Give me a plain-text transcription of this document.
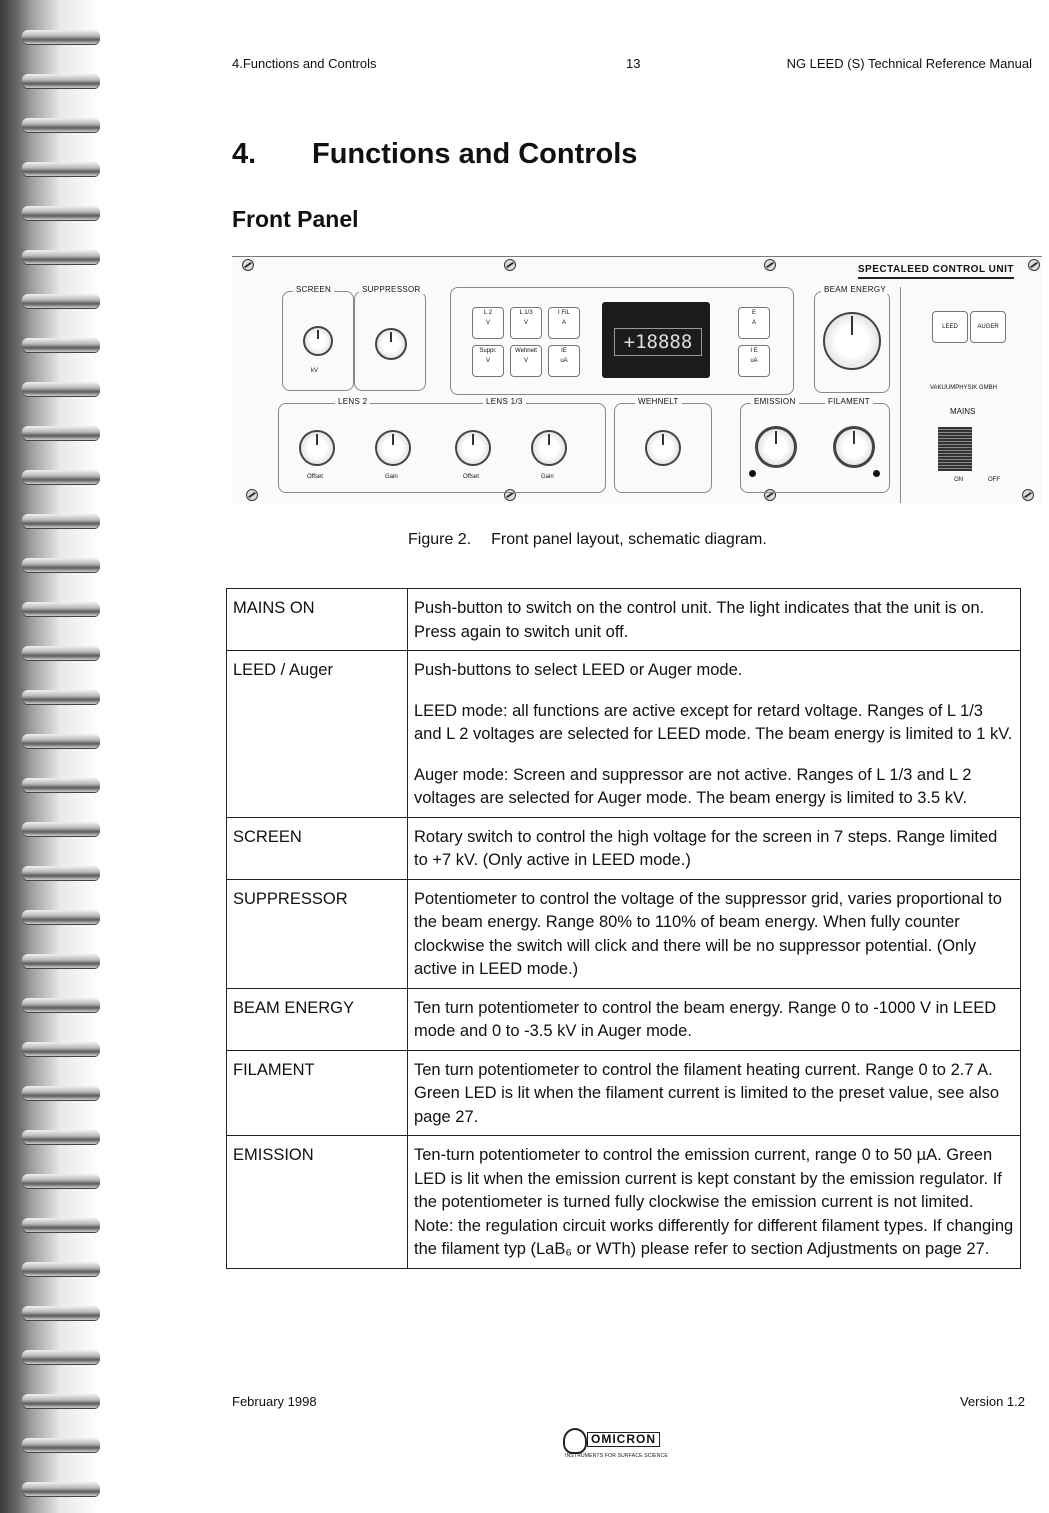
4.Functions and Controls	13	NG LEED (S) Technical Reference Manual
4. Functions and Controls
Front Panel
SPECTALEED CONTROL UNIT
SCREEN
kV
SUPPRESSOR
L 2
V
L 1/3
V
I FIL
A
Suppr.
V
Wehnelt
V
IE
uA
+18888
E
A
I E
uA
BEAM ENERGY

LEED	AUGER
VAKUUMPHYSIK GMBH
MAINS
ON	OFF
LENS 2	LENS 1/3
Offset	Gain	Offset	Gain
WEHNELT	EMISSION	FILAMENT
Figure 2. Front panel layout, schematic diagram.
MAINS ON	Push-button to switch on the control unit. The light indicates that the unit is on. Press again to switch unit off.

LEED / Auger	Push-buttons to select LEED or Auger mode.

LEED mode: all functions are active except for retard voltage. Ranges of L 1/3 and L 2 voltages are selected for LEED mode. The beam energy is limited to 1 kV.

Auger mode: Screen and suppressor are not active. Ranges of L 1/3 and L 2 voltages are selected for Auger mode. The beam energy is limited to 3.5 kV.

SCREEN	Rotary switch to control the high voltage for the screen in 7 steps. Range limited to +7 kV. (Only active in LEED mode.)

SUPPRESSOR	Potentiometer to control the voltage of the suppressor grid, varies proportional to the beam energy. Range 80% to 110% of beam energy. When fully counter clockwise the switch will click and there will be no suppressor potential. (Only active in LEED mode.)

BEAM ENERGY	Ten turn potentiometer to control the beam energy. Range 0 to -1000 V in LEED mode and 0 to -3.5 kV in Auger mode.

FILAMENT	Ten turn potentiometer to control the filament heating current. Range 0 to 2.7 A. Green LED is lit when the filament current is limited to the preset value, see also page 27.

EMISSION	Ten-turn potentiometer to control the emission current, range 0 to 50 µA. Green LED is lit when the emission current is kept constant by the emission regulator. If the potentiometer is turned fully clockwise the emission current is not limited. Note: the regulation circuit works differently for different filament types. If changing the filament typ (LaB₆ or WTh) please refer to section Adjustments on page 27.

February 1998	Version 1.2
OMICRON
INSTRUMENTS FOR SURFACE SCIENCE
